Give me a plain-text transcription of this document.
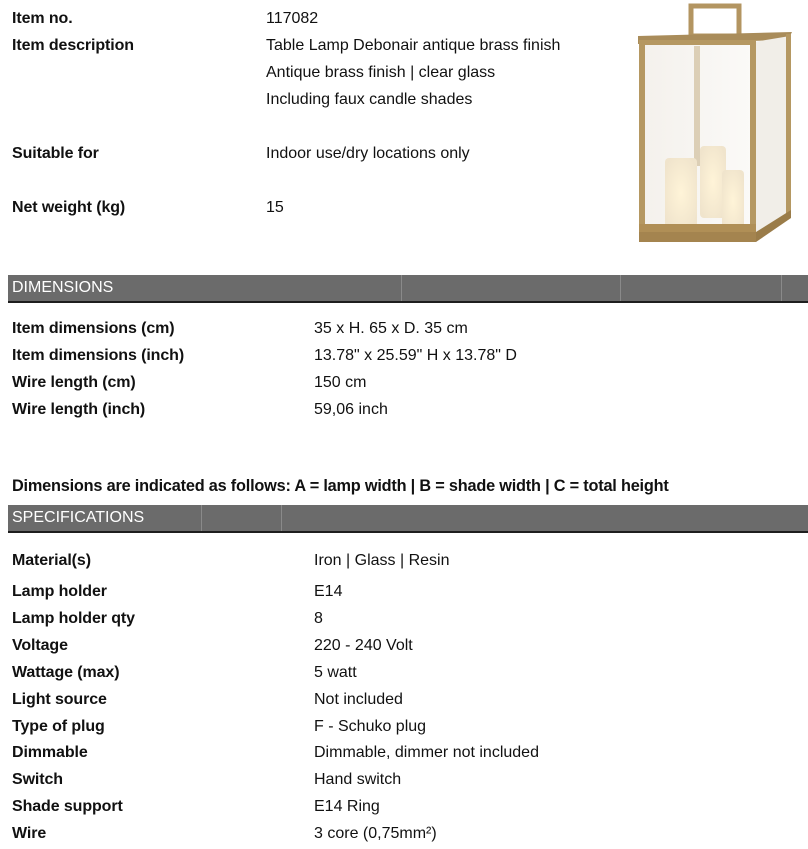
Item no.	117082
Item description	Table Lamp Debonair antique brass finish
Antique brass finish | clear glass
Including faux candle shades
Suitable for	Indoor use/dry locations only
Net weight (kg)	15
DIMENSIONS
Item dimensions (cm)	35 x H. 65 x D. 35 cm
Item dimensions (inch)	13.78" x 25.59" H x 13.78" D
Wire length (cm)	150 cm
Wire length (inch)	59,06 inch
Dimensions are indicated as follows: A = lamp width | B = shade width | C = total height
SPECIFICATIONS
Material(s)	Iron | Glass | Resin
Lamp holder	E14
Lamp holder qty	8
Voltage	220 - 240 Volt
Wattage (max)	5 watt
Light source	Not included
Type of plug	F - Schuko plug
Dimmable	Dimmable, dimmer not included
Switch	Hand switch
Shade support	E14 Ring
Wire	3 core (0,75mm²)
